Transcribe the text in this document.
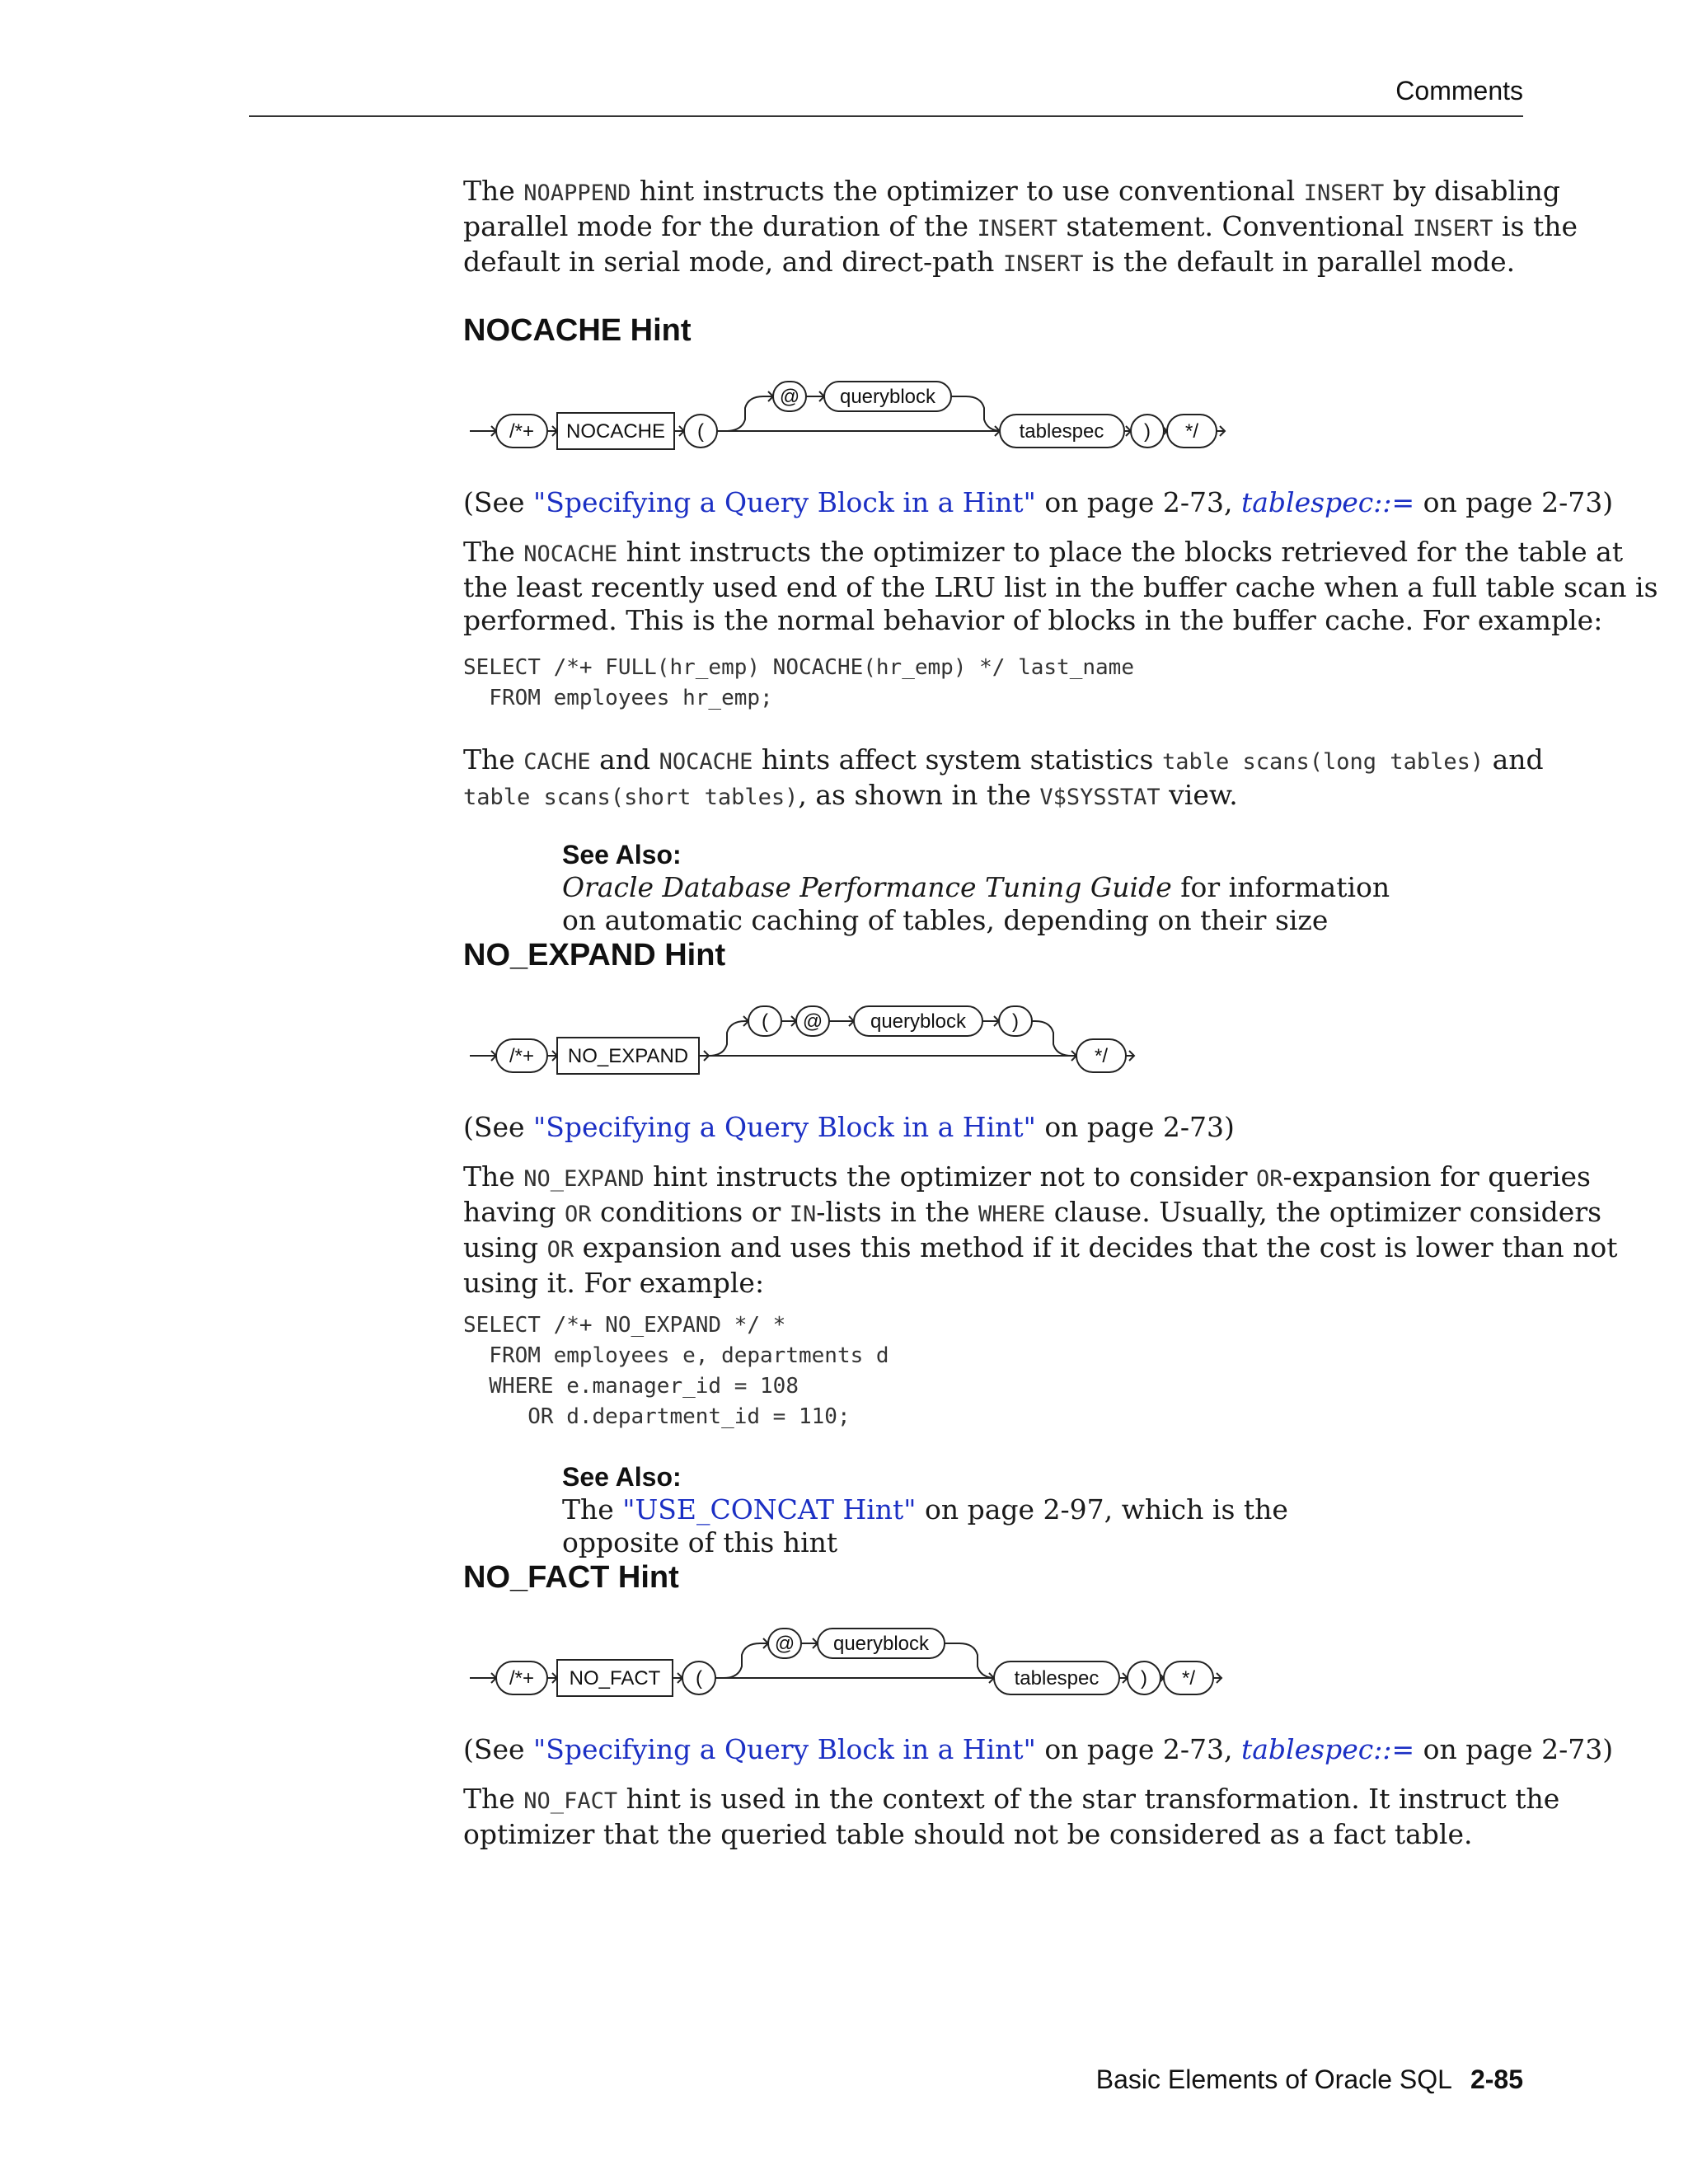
Comments
The NOAPPEND hint instructs the optimizer to use conventional INSERT by disabling
parallel mode for the duration of the INSERT statement. Conventional INSERT is the
default in serial mode, and direct-path INSERT is the default in parallel mode.
NOCACHE Hint
/*+ NOCACHE (
@ queryblock
tablespec ) */
(See "Specifying a Query Block in a Hint" on page 2-73, tablespec::= on page 2-73)
The NOCACHE hint instructs the optimizer to place the blocks retrieved for the table at
the least recently used end of the LRU list in the buffer cache when a full table scan is
performed. This is the normal behavior of blocks in the buffer cache. For example:
SELECT /*+ FULL(hr_emp) NOCACHE(hr_emp) */ last_name
FROM employees hr_emp;
The CACHE and NOCACHE hints affect system statistics table scans(long tables) and
table scans(short tables), as shown in the V$SYSSTAT view.
See Also:
Oracle Database Performance Tuning Guide for information
on automatic caching of tables, depending on their size
NO_EXPAND Hint
/*+ NO_EXPAND
( @ queryblock )
*/
(See "Specifying a Query Block in a Hint" on page 2-73)
The NO_EXPAND hint instructs the optimizer not to consider OR-expansion for queries
having OR conditions or IN-lists in the WHERE clause. Usually, the optimizer considers
using OR expansion and uses this method if it decides that the cost is lower than not
using it. For example:
SELECT /*+ NO_EXPAND */ *
FROM employees e, departments d
WHERE e.manager_id = 108
OR d.department_id = 110;
See Also:
The "USE_CONCAT Hint" on page 2-97, which is the
opposite of this hint
NO_FACT Hint
/*+ NO_FACT (
@ queryblock
tablespec ) */
(See "Specifying a Query Block in a Hint" on page 2-73, tablespec::= on page 2-73)
The NO_FACT hint is used in the context of the star transformation. It instruct the
optimizer that the queried table should not be considered as a fact table.
Basic Elements of Oracle SQL 2-85
